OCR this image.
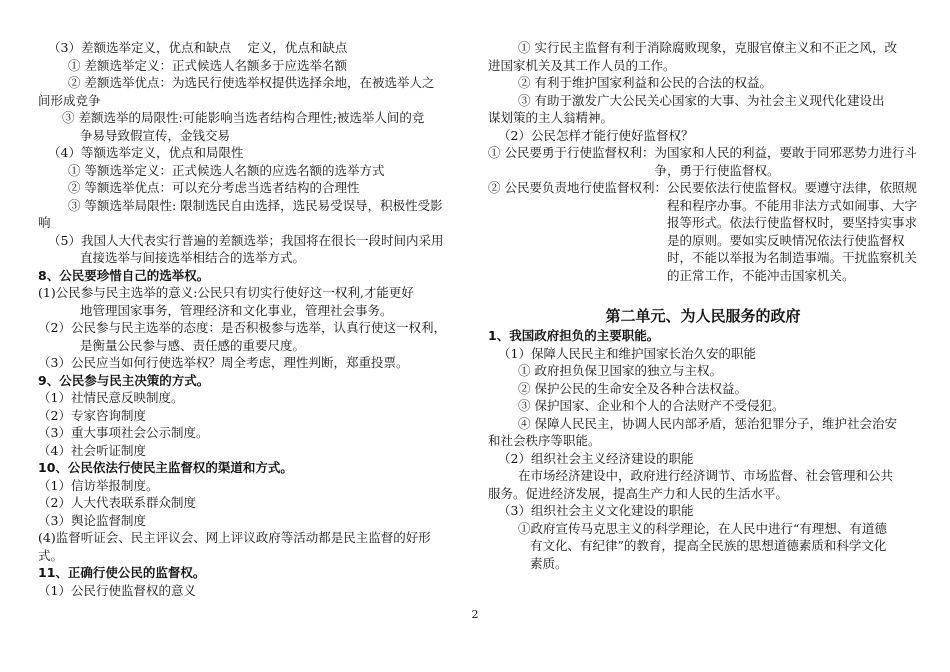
（3）差额选举定义，优点和缺点　 定义，优点和缺点

① 差额选举定义：正式候选人名额多于应选举名额

② 差额选举优点：为选民行使选举权提供选择余地，在被选举人之

间形成竞争

③ 差额选举的局限性:可能影响当选者结构合理性;被选举人间的竞

争易导致假宣传，金钱交易

（4）等额选举定义，优点和局限性

① 等额选举定义：正式候选人名额的应选名额的选举方式

② 等额选举优点：可以充分考虑当选者结构的合理性

③ 等额选举局限性: 限制选民自由选择，选民易受误导，积极性受影

响

（5）我国人大代表实行普遍的差额选举；我国将在很长一段时间内采用

直接选举与间接选举相结合的选举方式。

8、公民要珍惜自己的选举权。

(1)公民参与民主选举的意义:公民只有切实行使好这一权利,才能更好

地管理国家事务，管理经济和文化事业，管理社会事务。

（2）公民参与民主选举的态度：是否积极参与选举，认真行使这一权利，

是衡量公民参与感、责任感的重要尺度。

（3）公民应当如何行使选举权？周全考虑，理性判断，郑重投票。

9、公民参与民主决策的方式。

（1）社情民意反映制度。

（2）专家咨询制度

（3）重大事项社会公示制度。

（4）社会听证制度

10、公民依法行使民主监督权的渠道和方式。

（1）信访举报制度。

（2）人大代表联系群众制度

（3）舆论监督制度

(4)监督听证会、民主评议会、网上评议政府等活动都是民主监督的好形

式。

11、正确行使公民的监督权。

（1）公民行使监督权的意义

① 实行民主监督有利于消除腐败现象，克服官僚主义和不正之风，改

进国家机关及其工作人员的工作。

② 有利于维护国家利益和公民的合法的权益。

③ 有助于激发广大公民关心国家的大事、为社会主义现代化建设出

谋划策的主人翁精神。

（2）公民怎样才能行使好监督权？

① 公民要勇于行使监督权利： 为国家和人民的利益，要敢于同邪恶势力进行斗争，勇于行使监督权。
② 公民要负责地行使监督权利： 公民要依法行使监督权。要遵守法律，依照规程和程序办事。不能用非法方式如闹事、大字报等形式。依法行使监督权时，要坚持实事求是的原则。要如实反映情况依法行使监督权时，不能以举报为名制造事端。干扰监察机关的正常工作，不能冲击国家机关。
第二单元、为人民服务的政府

1、我国政府担负的主要职能。

（1）保障人民民主和维护国家长治久安的职能

① 政府担负保卫国家的独立与主权。

② 保护公民的生命安全及各种合法权益。

③ 保护国家、企业和个人的合法财产不受侵犯。

④ 保障人民民主，协调人民内部矛盾，惩治犯罪分子，维护社会治安

和社会秩序等职能。

（2）组织社会主义经济建设的职能

在市场经济建设中，政府进行经济调节、市场监督、社会管理和公共

服务。促进经济发展，提高生产力和人民的生活水平。

（3）组织社会主义文化建设的职能

①政府宣传马克思主义的科学理论，在人民中进行“有理想、有道德

有文化、有纪律”的教育，提高全民族的思想道德素质和科学文化

素质。

2
